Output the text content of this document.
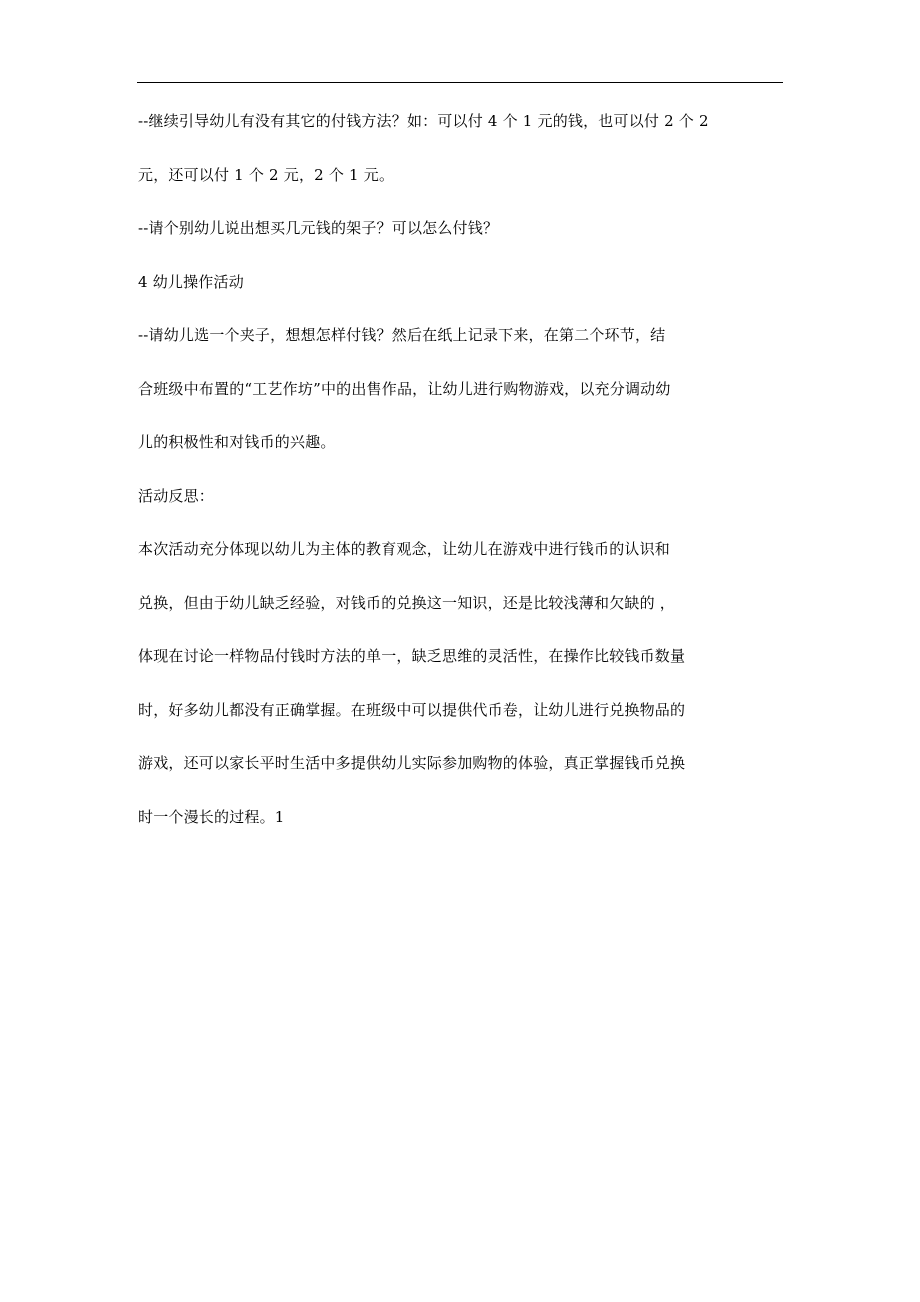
--继续引导幼儿有没有其它的付钱方法？如：可以付 4 个 1 元的钱，也可以付 2 个 2
元，还可以付 1 个 2 元，2 个 1 元。
--请个别幼儿说出想买几元钱的架子？可以怎么付钱？
4 幼儿操作活动
--请幼儿选一个夹子，想想怎样付钱？然后在纸上记录下来，在第二个环节，结
合班级中布置的“工艺作坊”中的出售作品，让幼儿进行购物游戏，以充分调动幼
儿的积极性和对钱币的兴趣。
活动反思：
本次活动充分体现以幼儿为主体的教育观念，让幼儿在游戏中进行钱币的认识和
兑换，但由于幼儿缺乏经验，对钱币的兑换这一知识，还是比较浅薄和欠缺的 ，
体现在讨论一样物品付钱时方法的单一，缺乏思维的灵活性，在操作比较钱币数量
时，好多幼儿都没有正确掌握。在班级中可以提供代币卷，让幼儿进行兑换物品的
游戏，还可以家长平时生活中多提供幼儿实际参加购物的体验，真正掌握钱币兑换
时一个漫长的过程。1
